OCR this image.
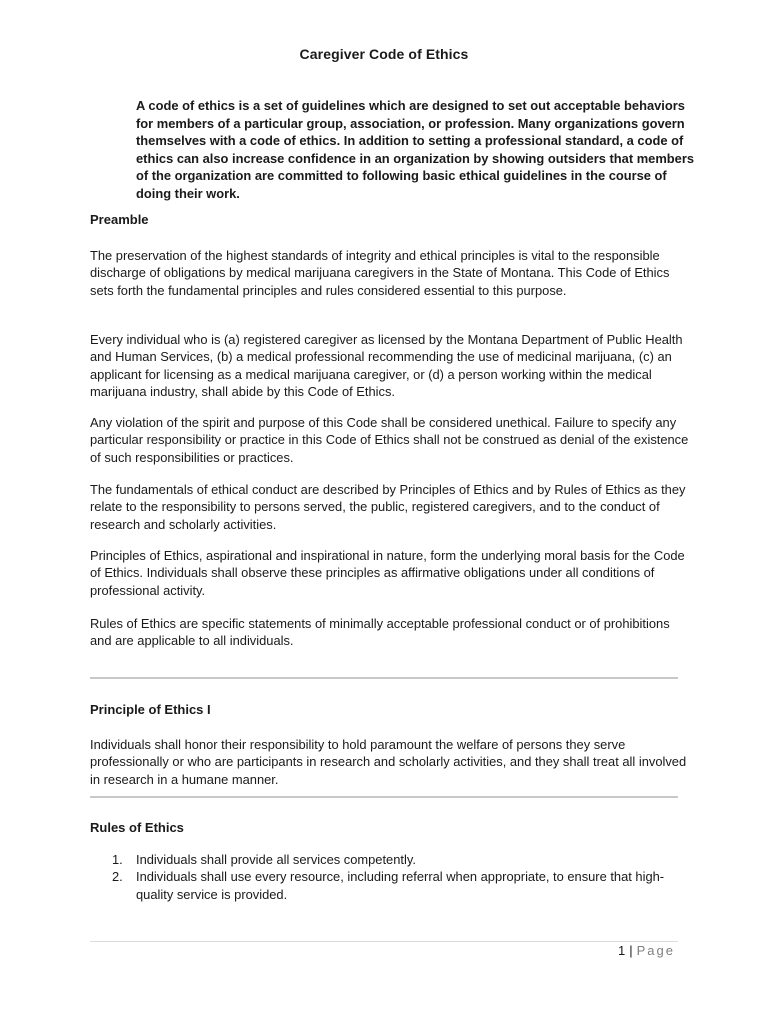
Caregiver Code of Ethics
A code of ethics is a set of guidelines which are designed to set out acceptable behaviors for members of a particular group, association, or profession. Many organizations govern themselves with a code of ethics. In addition to setting a professional standard, a code of ethics can also increase confidence in an organization by showing outsiders that members of the organization are committed to following basic ethical guidelines in the course of doing their work.
Preamble
The preservation of the highest standards of integrity and ethical principles is vital to the responsible discharge of obligations by medical marijuana caregivers in the State of Montana. This Code of Ethics sets forth the fundamental principles and rules considered essential to this purpose.
Every individual who is (a) registered caregiver as licensed by the Montana Department of Public Health and Human Services, (b) a medical professional recommending the use of medicinal marijuana, (c) an applicant for licensing as a medical marijuana caregiver, or (d) a person working within the medical marijuana industry, shall abide by this Code of Ethics.
Any violation of the spirit and purpose of this Code shall be considered unethical. Failure to specify any particular responsibility or practice in this Code of Ethics shall not be construed as denial of the existence of such responsibilities or practices.
The fundamentals of ethical conduct are described by Principles of Ethics and by Rules of Ethics as they relate to the responsibility to persons served, the public, registered caregivers, and to the conduct of research and scholarly activities.
Principles of Ethics, aspirational and inspirational in nature, form the underlying moral basis for the Code of Ethics. Individuals shall observe these principles as affirmative obligations under all conditions of professional activity.
Rules of Ethics are specific statements of minimally acceptable professional conduct or of prohibitions and are applicable to all individuals.
Principle of Ethics I
Individuals shall honor their responsibility to hold paramount the welfare of persons they serve professionally or who are participants in research and scholarly activities, and they shall treat all involved in research in a humane manner.
Rules of Ethics
1. Individuals shall provide all services competently.
2. Individuals shall use every resource, including referral when appropriate, to ensure that high-quality service is provided.
1 | Page
